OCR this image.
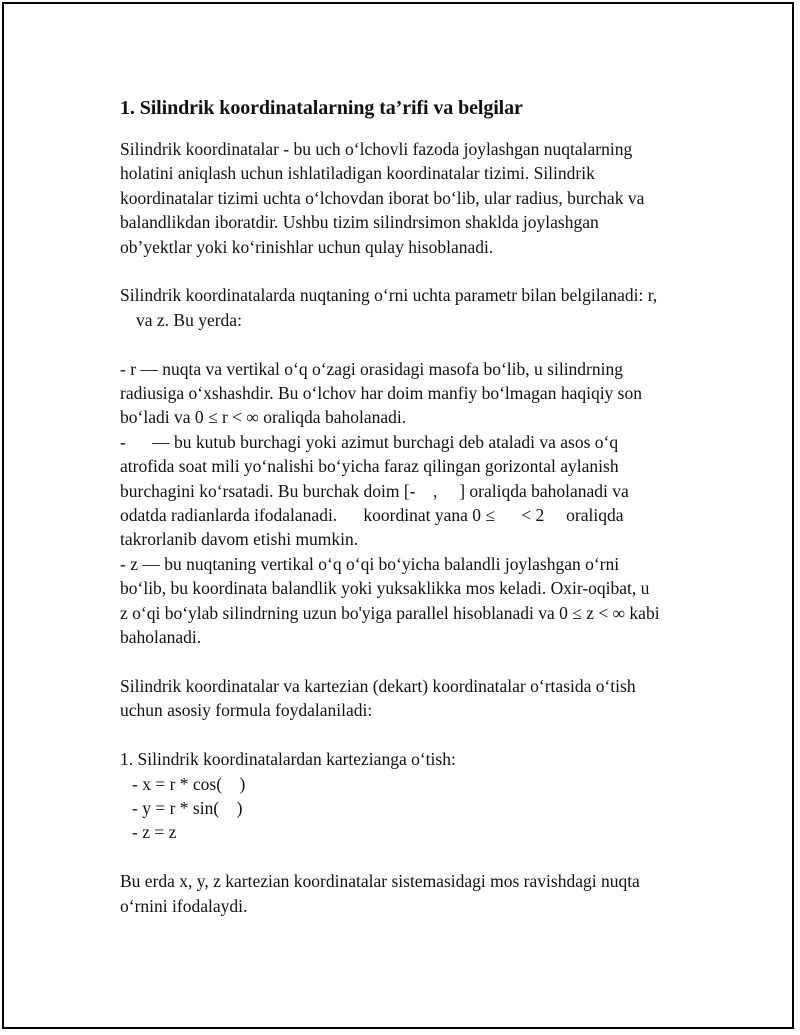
1. Silindrik koordinatalarning ta’rifi va belgilar
Silindrik koordinatalar - bu uch o‘lchovli fazoda joylashgan nuqtalarning
holatini aniqlash uchun ishlatiladigan koordinatalar tizimi. Silindrik
koordinatalar tizimi uchta o‘lchovdan iborat bo‘lib, ular radius, burchak va
balandlikdan iboratdir. Ushbu tizim silindrsimon shaklda joylashgan
ob’yektlar yoki ko‘rinishlar uchun qulay hisoblanadi.
Silindrik koordinatalarda nuqtaning o‘rni uchta parametr bilan belgilanadi: r,
va z. Bu yerda:
- r — nuqta va vertikal o‘q o‘zagi orasidagi masofa bo‘lib, u silindrning
radiusiga o‘xshashdir. Bu o‘lchov har doim manfiy bo‘lmagan haqiqiy son
bo‘ladi va 0 ≤ r < ∞ oraliqda baholanadi.
-      — bu kutub burchagi yoki azimut burchagi deb ataladi va asos o‘q
atrofida soat mili yo‘nalishi bo‘yicha faraz qilingan gorizontal aylanish
burchagini ko‘rsatadi. Bu burchak doim [-    ,     ] oraliqda baholanadi va
odatda radianlarda ifodalanadi.      koordinat yana 0 ≤      < 2     oraliqda
takrorlanib davom etishi mumkin.
- z — bu nuqtaning vertikal o‘q o‘qi bo‘yicha balandli joylashgan o‘rni
bo‘lib, bu koordinata balandlik yoki yuksaklikka mos keladi. Oxir-oqibat, u
z o‘qi bo‘ylab silindrning uzun bo'yiga parallel hisoblanadi va 0 ≤ z < ∞ kabi
baholanadi.
Silindrik koordinatalar va kartezian (dekart) koordinatalar o‘rtasida o‘tish
uchun asosiy formula foydalaniladi:
1. Silindrik koordinatalardan kartezianga o‘tish:
- x = r * cos(    )
- y = r * sin(    )
- z = z
Bu erda x, y, z kartezian koordinatalar sistemasidagi mos ravishdagi nuqta
o‘rnini ifodalaydi.
